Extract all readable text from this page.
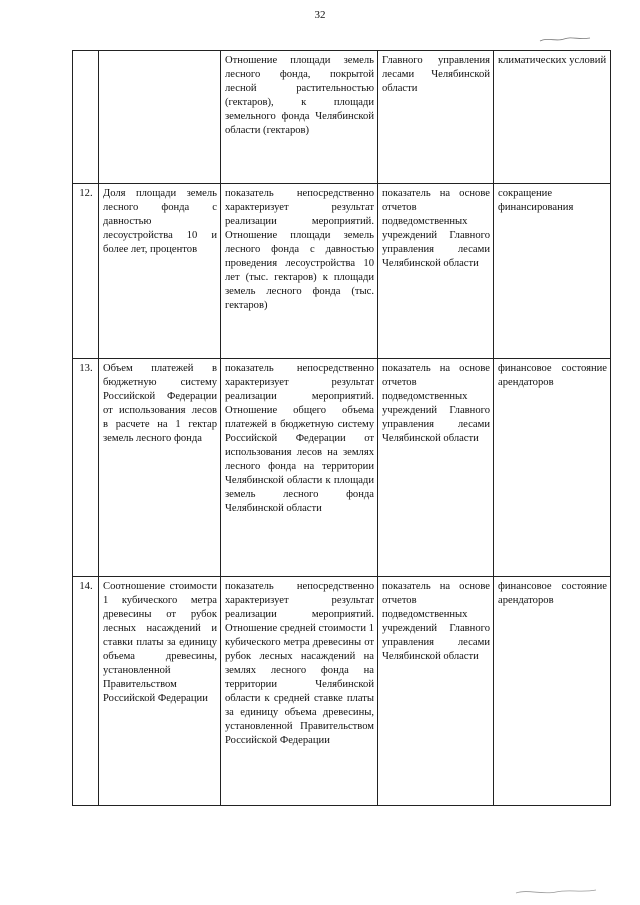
32
		Отношение площади земель лесного фонда, покрытой лесной растительностью (гектаров), к площади земельного фонда Челябинской области (гектаров)	Главного управления лесами Челябинской области	климатических условий
12.	Доля площади земель лесного фонда с давностью лесоустройства 10 и более лет, процентов	показатель непосредственно характеризует результат реализации мероприятий. Отношение площади земель лесного фонда с давностью проведения лесоустройства 10 лет (тыс. гектаров) к площади земель лесного фонда (тыс. гектаров)	показатель на основе отчетов подведомственных учреждений Главного управления лесами Челябинской области	сокращение финансирования
13.	Объем платежей в бюджетную систему Российской Федерации от использования лесов в расчете на 1 гектар земель лесного фонда	показатель непосредственно характеризует результат реализации мероприятий. Отношение общего объема платежей в бюджетную систему Российской Федерации от использования лесов на землях лесного фонда на территории Челябинской области к площади земель лесного фонда Челябинской области	показатель на основе отчетов подведомственных учреждений Главного управления лесами Челябинской области	финансовое состояние арендаторов
14.	Соотношение стоимости 1 кубического метра древесины от рубок лесных насаждений и ставки платы за единицу объема древесины, установленной Правительством Российской Федерации	показатель непосредственно характеризует результат реализации мероприятий. Отношение средней стоимости 1 кубического метра древесины от рубок лесных насаждений на землях лесного фонда на территории Челябинской области к средней ставке платы за единицу объема древесины, установленной Правительством Российской Федерации	показатель на основе отчетов подведомственных учреждений Главного управления лесами Челябинской области	финансовое состояние арендаторов
